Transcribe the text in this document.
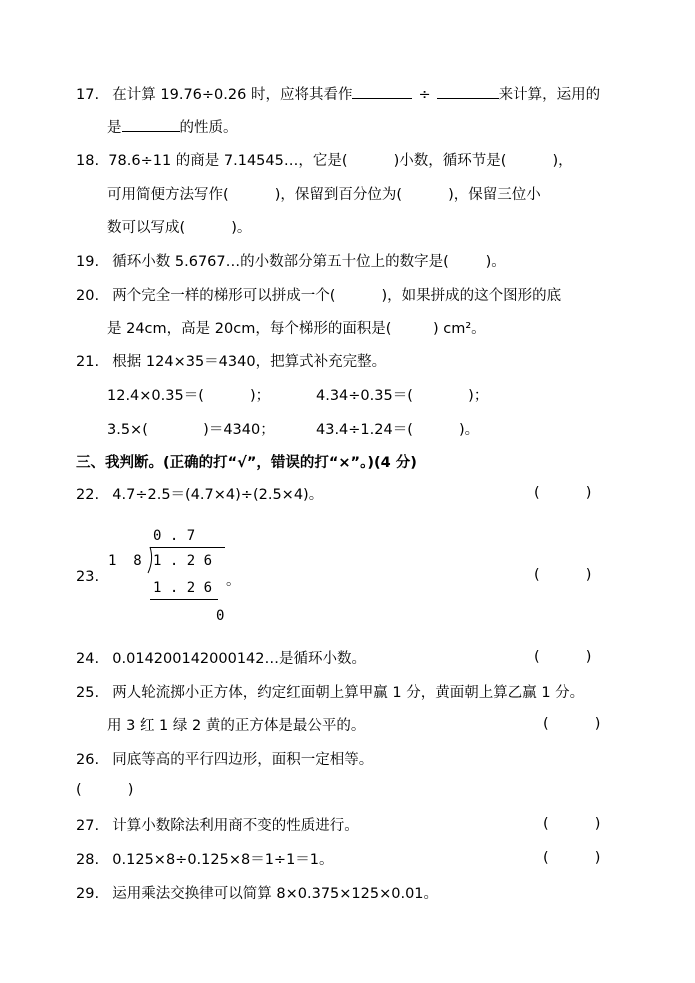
17. 在计算 19.76÷0.26 时，应将其看作	÷	来计算，运用的
是	的性质。
18. 78.6÷11 的商是 7.14545…，它是(          )小数，循环节是(          )，
可用简便方法写作(          )，保留到百分位为(          )，保留三位小
数可以写成(          )。
19. 循环小数 5.6767…的小数部分第五十位上的数字是(        )。
20. 两个完全一样的梯形可以拼成一个(          )，如果拼成的这个图形的底
是 24cm，高是 20cm，每个梯形的面积是(         ) cm²。
21. 根据 124×35＝4340，把算式补充完整。
12.4×0.35＝(          )；	4.34÷0.35＝(            )；
3.5×(            )＝4340；	43.4÷1.24＝(          )。
三、我判断。(正确的打“√”，错误的打“×”。)(4 分)
22. 4.7÷2.5＝(4.7×4)÷(2.5×4)。	(          )
23.
1  8
0 . 7
1 . 2 6
1 . 2 6
0
。	(          )
24. 0.014200142000142…是循环小数。	(          )
25. 两人轮流掷小正方体，约定红面朝上算甲赢 1 分，黄面朝上算乙赢 1 分。
用 3 红 1 绿 2 黄的正方体是最公平的。	(          )
26. 同底等高的平行四边形，面积一定相等。
(          )
27. 计算小数除法利用商不变的性质进行。	(          )
28. 0.125×8÷0.125×8＝1÷1＝1。	(          )
29. 运用乘法交换律可以简算 8×0.375×125×0.01。
